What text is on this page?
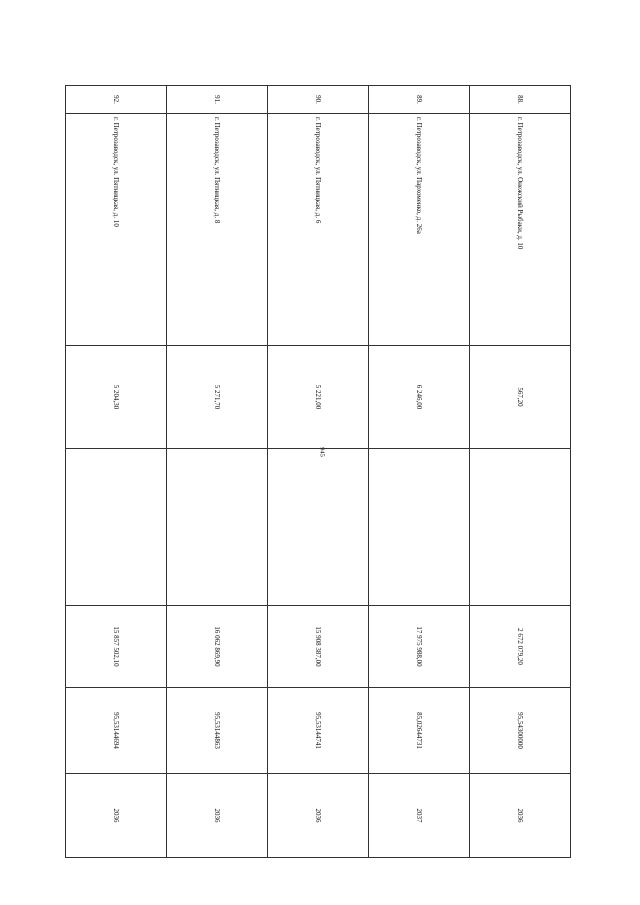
945
88.	г. Петрозаводск, ул. Онежский Рыбаки, д. 10	567,20		2 672 079,20	95,54300000	2036
89.	г. Петрозаводск, ул. Пархоменко, д. 26а	6 246,00		17 975 988,00	85,02644731	2037
90.	г. Петрозаводск, ул. Пятницкая, д. 6	5 221,00		15 908 387,00	95,53144741	2036
91.	г. Петрозаводск, ул. Пятницкая, д. 8	5 271,70		16 062 869,90	95,53144863	2036
92.	г. Петрозаводск, ул. Пятницкая, д. 10	5 204,30		15 857 502,10	95,53144694	2036
